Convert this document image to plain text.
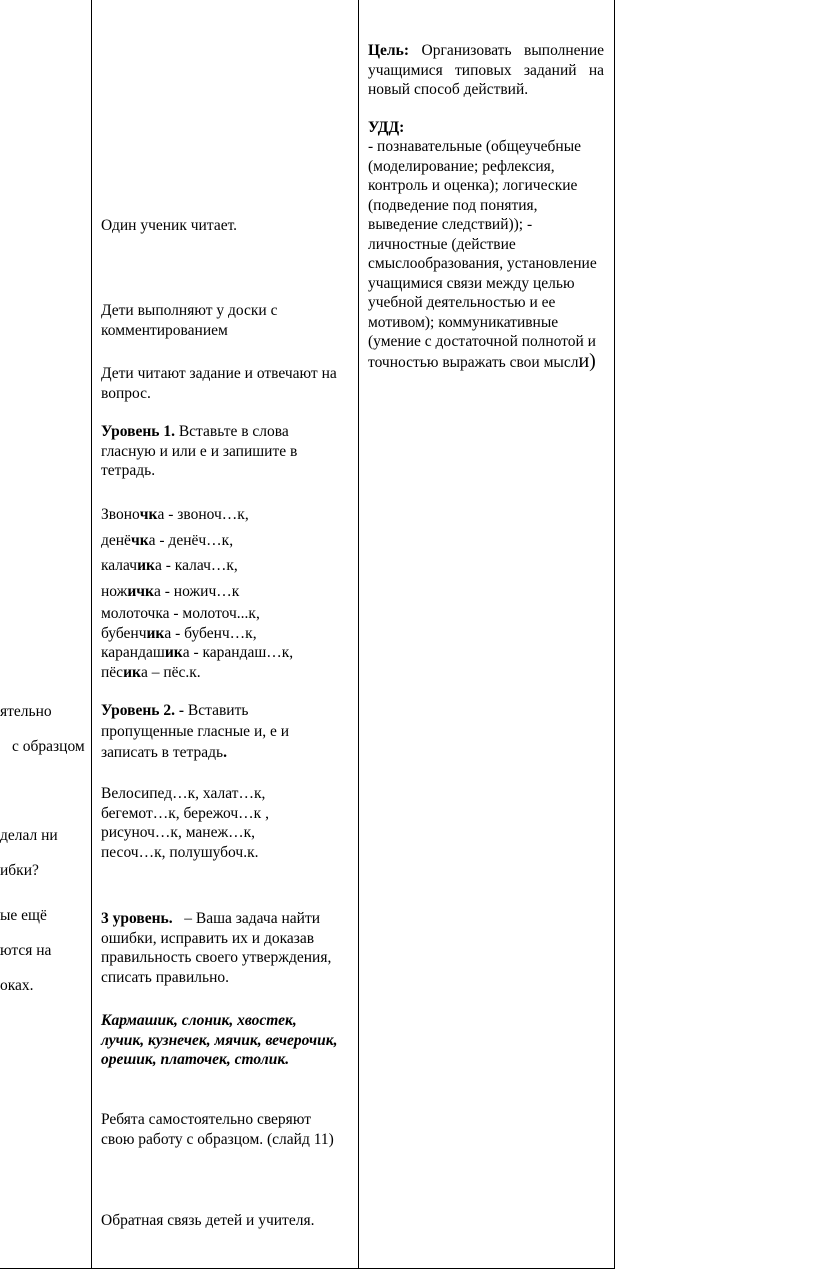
ятельно

с образцом

делал ни

ибки?

ые ещё

ются на

оках.

Один ученик читает.

Дети выполняют у доски с комментированием

Дети читают задание и отвечают на вопрос.

Уровень 1. Вставьте в слова гласную и или е и запишите в тетрадь.

Звоночка - звоноч…к,

денёчка - денёч…к,

калачика - калач…к,

ножичка - ножич…к

молоточка - молоточ...к,

бубенчика - бубенч…к,

карандашика - карандаш…к,

пёсика – пёс.к.

Уровень 2. - Вставить пропущенные гласные и, е и записать в тетрадь.

Велосипед…к, халат…к, бегемот…к, бережоч…к , рисуноч…к, манеж…к, песоч…к, полушубоч.к.

3 уровень. – Ваша задача найти ошибки, исправить их и доказав правильность своего утверждения, списать правильно.

Кармашик, слоник, хвостек, лучик, кузнечек, мячик, вечерочик, орешик, платочек, столик.

Ребята самостоятельно сверяют свою работу с образцом. (слайд 11)

Обратная связь детей и учителя.

Цель: Организовать выполнение учащимися типовых заданий на новый способ действий.

УДД:

- познавательные (общеучебные (моделирование; рефлексия, контроль и оценка); логические (подведение под понятия, выведение следствий)); - личностные (действие смыслообразования, установление учащимися связи между целью учебной деятельностью и ее мотивом); коммуникативные (умение с достаточной полнотой и точностью выражать свои мысли)
